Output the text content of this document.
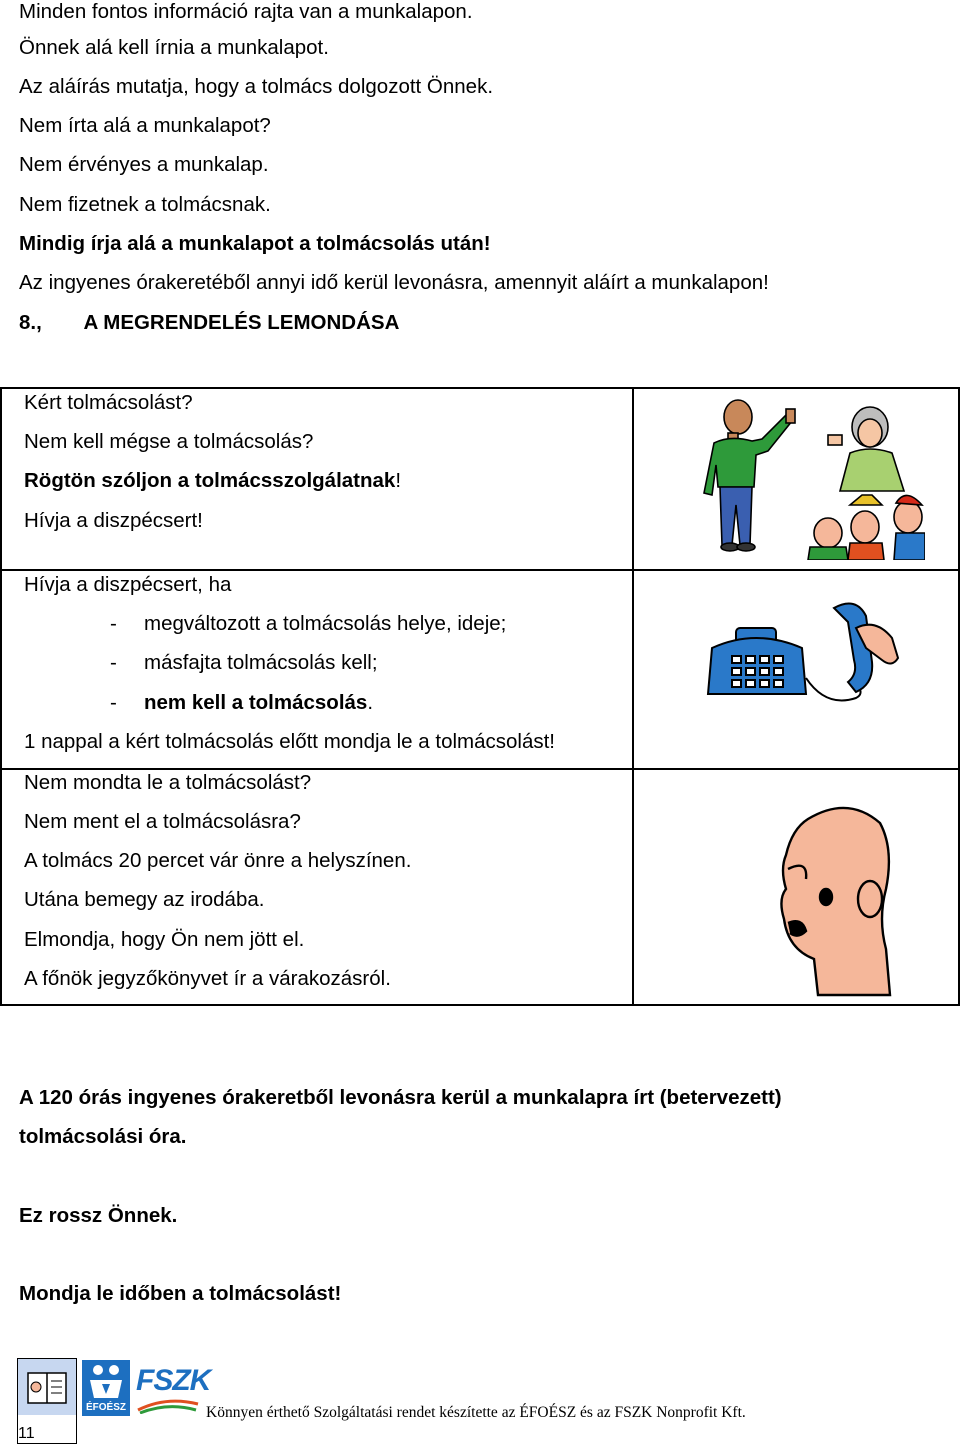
Minden fontos információ rajta van a munkalapon.
Önnek alá kell írnia a munkalapot.
Az aláírás mutatja, hogy a tolmács dolgozott Önnek.
Nem írta alá a munkalapot?
Nem érvényes a munkalap.
Nem fizetnek a tolmácsnak.
Mindig írja alá a munkalapot a tolmácsolás után!
Az ingyenes órakeretéből annyi idő kerül levonásra, amennyit aláírt a munkalapon!
8., A MEGRENDELÉS LEMONDÁSA
Kért tolmácsolást?
Nem kell mégse a tolmácsolás?
Rögtön szóljon a tolmácsszolgálatnak!
Hívja a diszpécsert!
Hívja a diszpécsert, ha
- megváltozott a tolmácsolás helye, ideje;
- másfajta tolmácsolás kell;
- nem kell a tolmácsolás.
1 nappal a kért tolmácsolás előtt mondja le a tolmácsolást!
Nem mondta le a tolmácsolást?
Nem ment el a tolmácsolásra?
A tolmács 20 percet vár önre a helyszínen.
Utána bemegy az irodába.
Elmondja, hogy Ön nem jött el.
A főnök jegyzőkönyvet ír a várakozásról.
A 120 órás ingyenes órakeretből levonásra kerül a munkalapra írt (betervezett)
tolmácsolási óra.
Ez rossz Önnek.
Mondja le időben a tolmácsolást!
11
ÉFOÉSZ
FSZK
Könnyen érthető Szolgáltatási rendet készítette az ÉFOÉSZ és az FSZK Nonprofit Kft.
